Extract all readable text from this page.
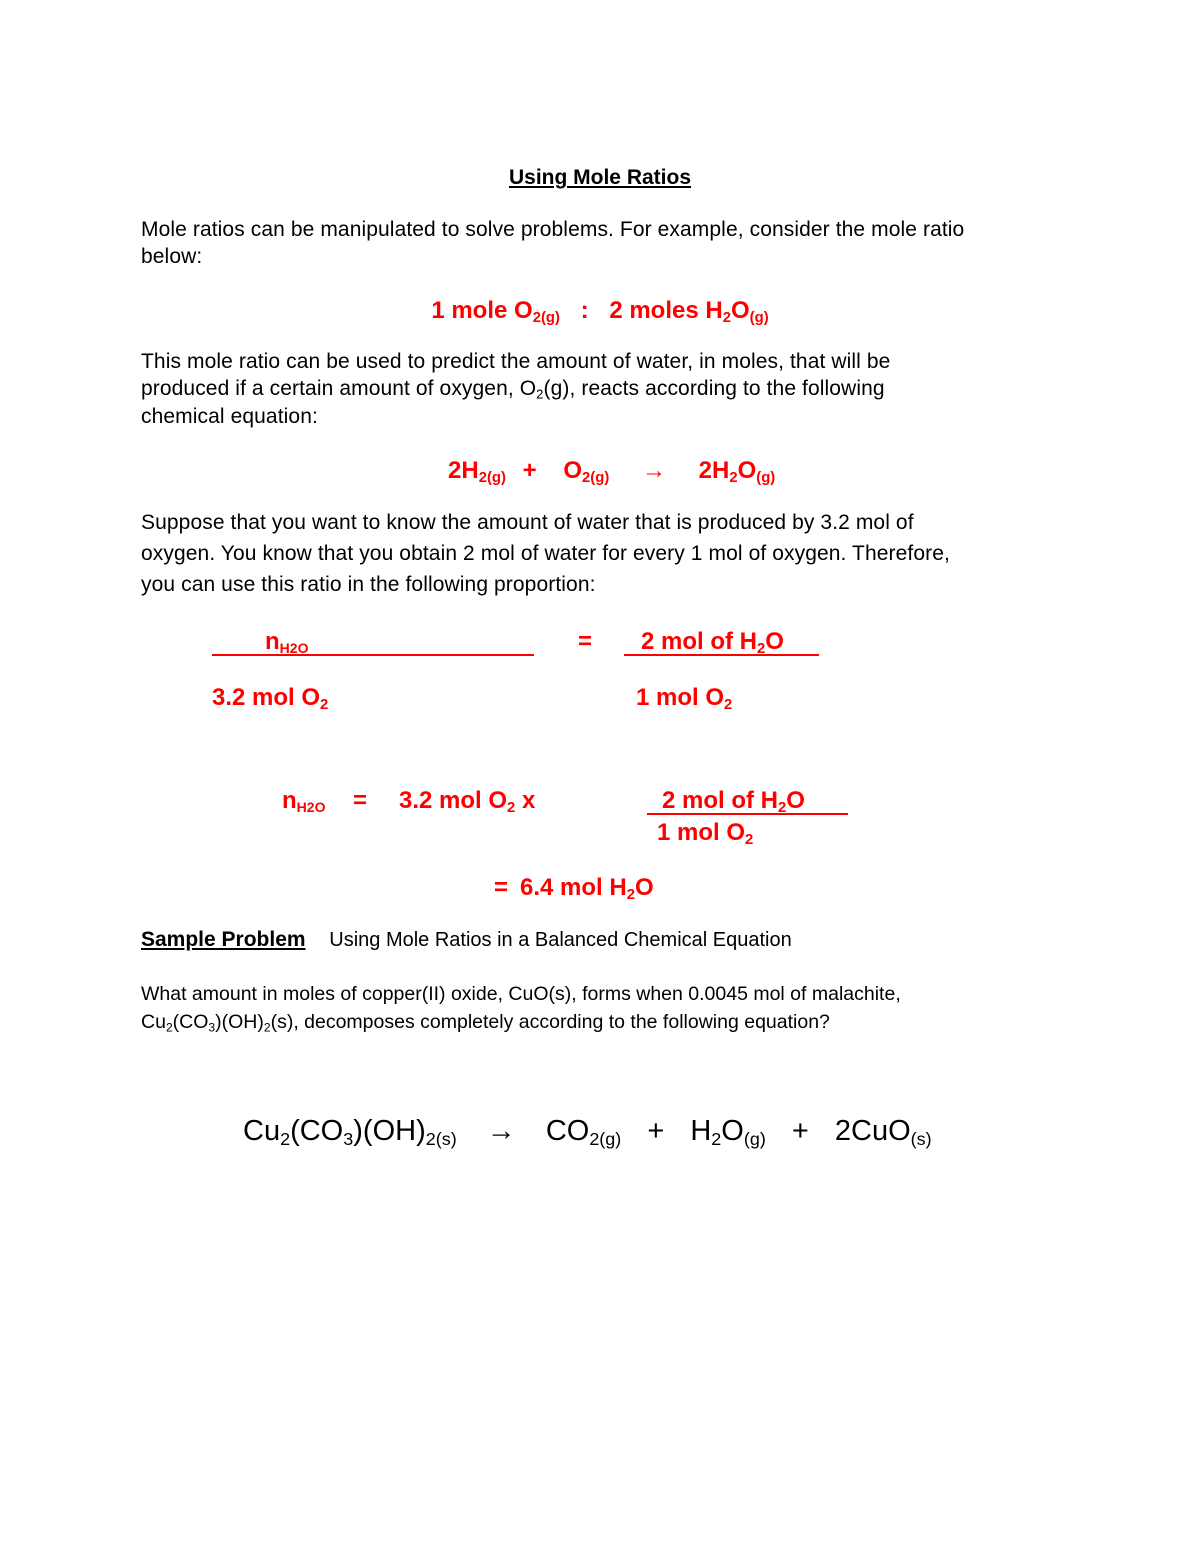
Using Mole Ratios
Mole ratios can be manipulated to solve problems. For example, consider the mole ratio
below:
1 mole $O_{2(g)}$ : 2 moles $H_2O_{(g)}$
This mole ratio can be used to predict the amount of water, in moles, that will be
produced if a certain amount of oxygen, $O_2(g)$, reacts according to the following
chemical equation:
$2H_{2(g)} + O_{2(g)} \to 2H_2O_{(g)}$
Suppose that you want to know the amount of water that is produced by 3.2 mol of
oxygen. You know that you obtain 2 mol of water for every 1 mol of oxygen. Therefore,
you can use this ratio in the following proportion:
$n_{H2O}$	=	2 mol of $H_2O$
3.2 mol $O_2$	1 mol $O_2$
$n_{H2O} = 3.2$ mol $O_2$ x	2 mol of $H_2O$
1 mol $O_2$
= 6.4 mol $H_2O$
Sample Problem Using Mole Ratios in a Balanced Chemical Equation
What amount in moles of copper(II) oxide, CuO(s), forms when 0.0045 mol of malachite,
$Cu_2(CO_3)(OH)_2(s)$, decomposes completely according to the following equation?
$Cu_2(CO_3)(OH)_{2(s)} \to CO_{2(g)} + H_2O_{(g)} + 2CuO_{(s)}$
